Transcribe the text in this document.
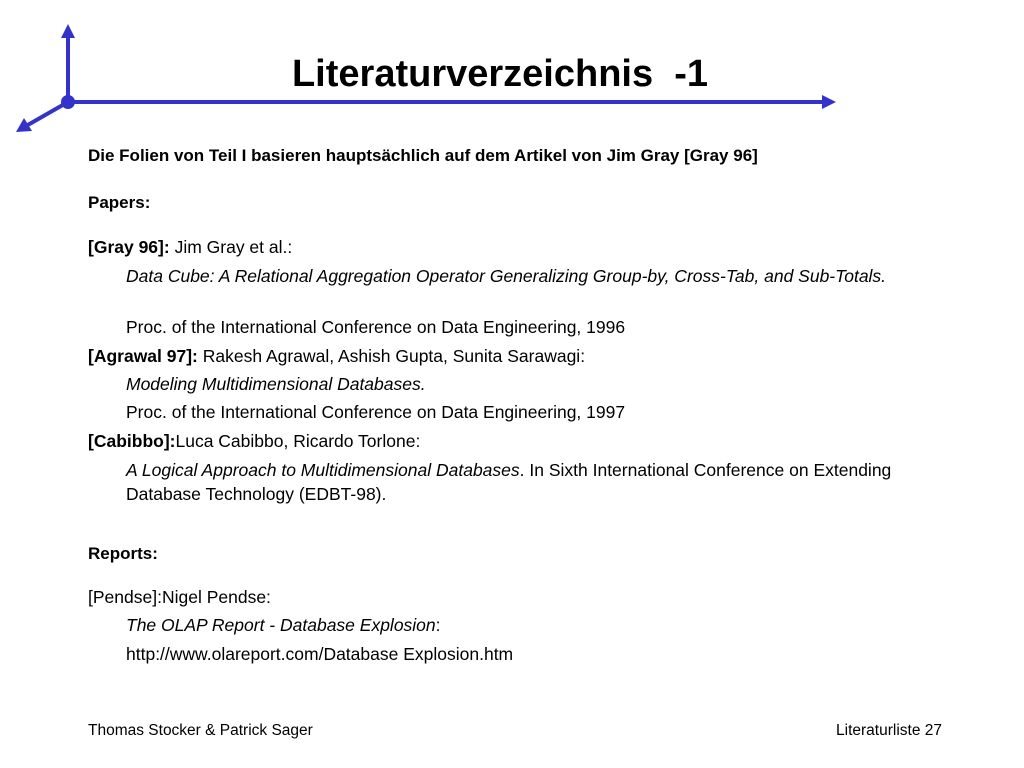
Literaturverzeichnis  -1
Die Folien von Teil I basieren hauptsächlich auf dem Artikel von Jim Gray [Gray 96]
Papers:
[Gray 96]: Jim Gray et al.:
Data Cube: A Relational Aggregation Operator Generalizing Group-by, Cross-Tab, and Sub-Totals.
Proc. of the International Conference on Data Engineering, 1996
[Agrawal 97]: Rakesh Agrawal, Ashish Gupta, Sunita Sarawagi:
Modeling Multidimensional Databases.
Proc. of the International Conference on Data Engineering, 1997
[Cabibbo]:Luca Cabibbo, Ricardo Torlone:
A Logical Approach to Multidimensional Databases. In Sixth International Conference on Extending Database Technology (EDBT-98).
Reports:
[Pendse]:Nigel Pendse:
The OLAP Report - Database Explosion:
http://www.olareport.com/Database Explosion.htm
Thomas Stocker & Patrick Sager	Literaturliste 27
